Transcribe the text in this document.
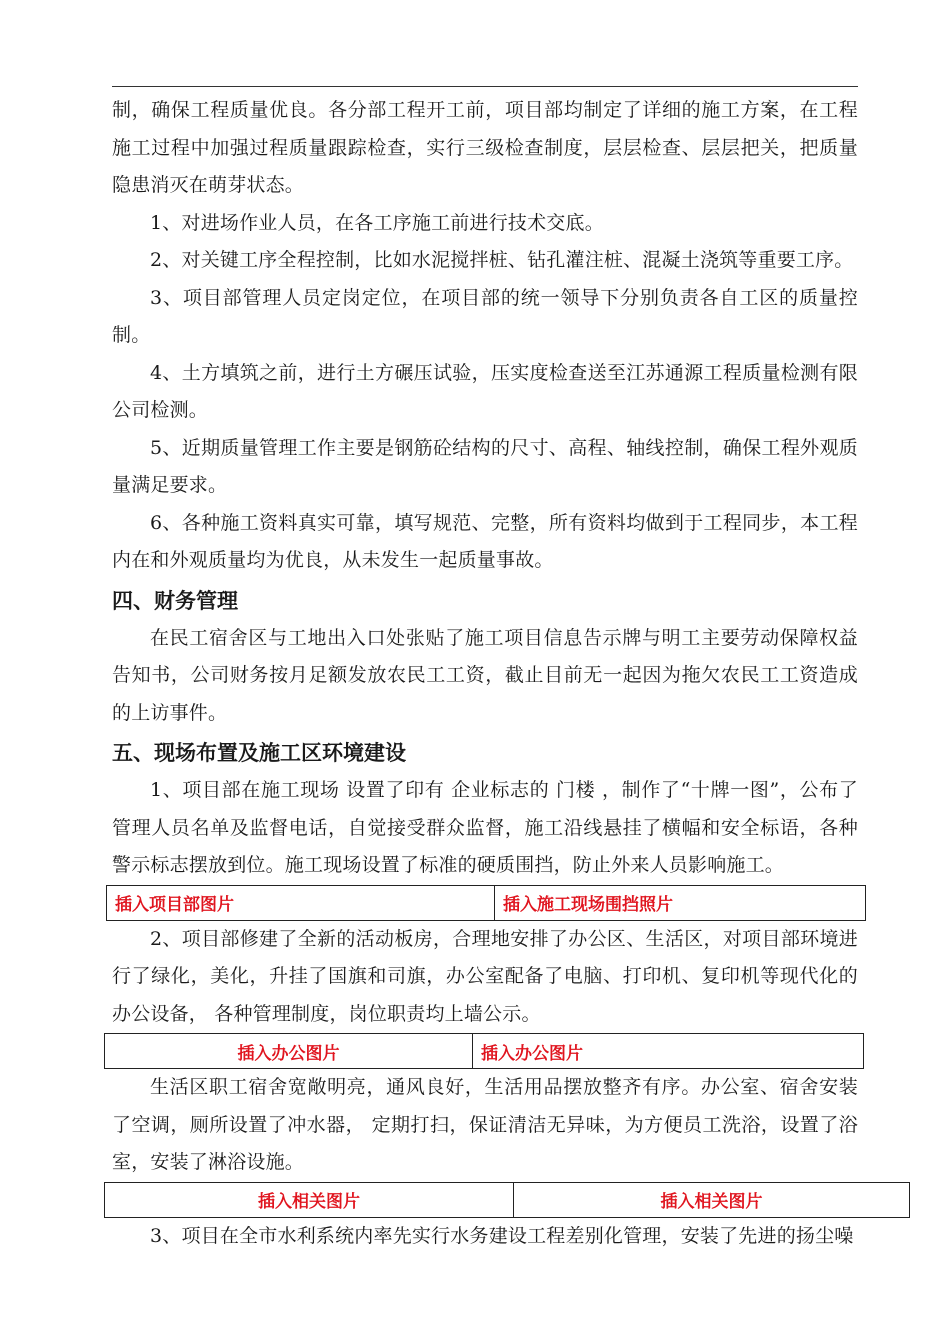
制，确保工程质量优良。各分部工程开工前，项目部均制定了详细的施工方案，在工程施工过程中加强过程质量跟踪检查，实行三级检查制度，层层检查、层层把关，把质量隐患消灭在萌芽状态。

1、对进场作业人员，在各工序施工前进行技术交底。

2、对关键工序全程控制，比如水泥搅拌桩、钻孔灌注桩、混凝土浇筑等重要工序。

3、项目部管理人员定岗定位，在项目部的统一领导下分别负责各自工区的质量控制。

4、土方填筑之前，进行土方碾压试验，压实度检查送至江苏通源工程质量检测有限公司检测。

5、近期质量管理工作主要是钢筋砼结构的尺寸、高程、轴线控制，确保工程外观质量满足要求。

6、各种施工资料真实可靠，填写规范、完整，所有资料均做到于工程同步，本工程内在和外观质量均为优良，从未发生一起质量事故。

四、财务管理

在民工宿舍区与工地出入口处张贴了施工项目信息告示牌与明工主要劳动保障权益告知书，公司财务按月足额发放农民工工资，截止目前无一起因为拖欠农民工工资造成的上访事件。

五、现场布置及施工区环境建设

1、项目部在施工现场 设置了印有 企业标志的 门楼 ，制作了“十牌一图”，公布了管理人员名单及监督电话，自觉接受群众监督，施工沿线悬挂了横幅和安全标语，各种警示标志摆放到位。施工现场设置了标准的硬质围挡，防止外来人员影响施工。

插入项目部图片	插入施工现场围挡照片

2、项目部修建了全新的活动板房，合理地安排了办公区、生活区，对项目部环境进行了绿化，美化，升挂了国旗和司旗，办公室配备了电脑、打印机、复印机等现代化的办公设备， 各种管理制度，岗位职责均上墙公示。

插入办公图片	插入办公图片

生活区职工宿舍宽敞明亮，通风良好，生活用品摆放整齐有序。办公室、宿舍安装了空调，厕所设置了冲水器， 定期打扫，保证清洁无异味，为方便员工洗浴，设置了浴室，安装了淋浴设施。

插入相关图片	插入相关图片

3、项目在全市水利系统内率先实行水务建设工程差别化管理，安装了先进的扬尘噪
